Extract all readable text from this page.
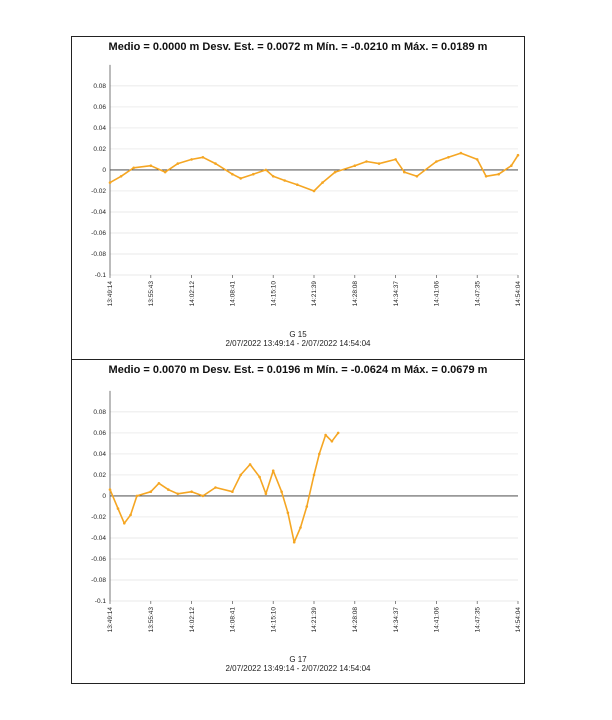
Medio = 0.0000 m Desv. Est. = 0.0072 m Mín. = -0.0210 m Máx. = 0.0189 m
0.08
0.06
0.04
0.02
0
-0.02
-0.04
-0.06
-0.08
-0.1
13:49:14	13:55:43	14:02:12	14:08:41	14:15:10	14:21:39	14:28:08	14:34:37	14:41:06	14:47:35	14:54:04
G 15
2/07/2022 13:49:14 - 2/07/2022 14:54:04
Medio = 0.0070 m Desv. Est. = 0.0196 m Mín. = -0.0624 m Máx. = 0.0679 m
0.08
0.06
0.04
0.02
0
-0.02
-0.04
-0.06
-0.08
-0.1
13:49:14	13:55:43	14:02:12	14:08:41	14:15:10	14:21:39	14:28:08	14:34:37	14:41:06	14:47:35	14:54:04
G 17
2/07/2022 13:49:14 - 2/07/2022 14:54:04
